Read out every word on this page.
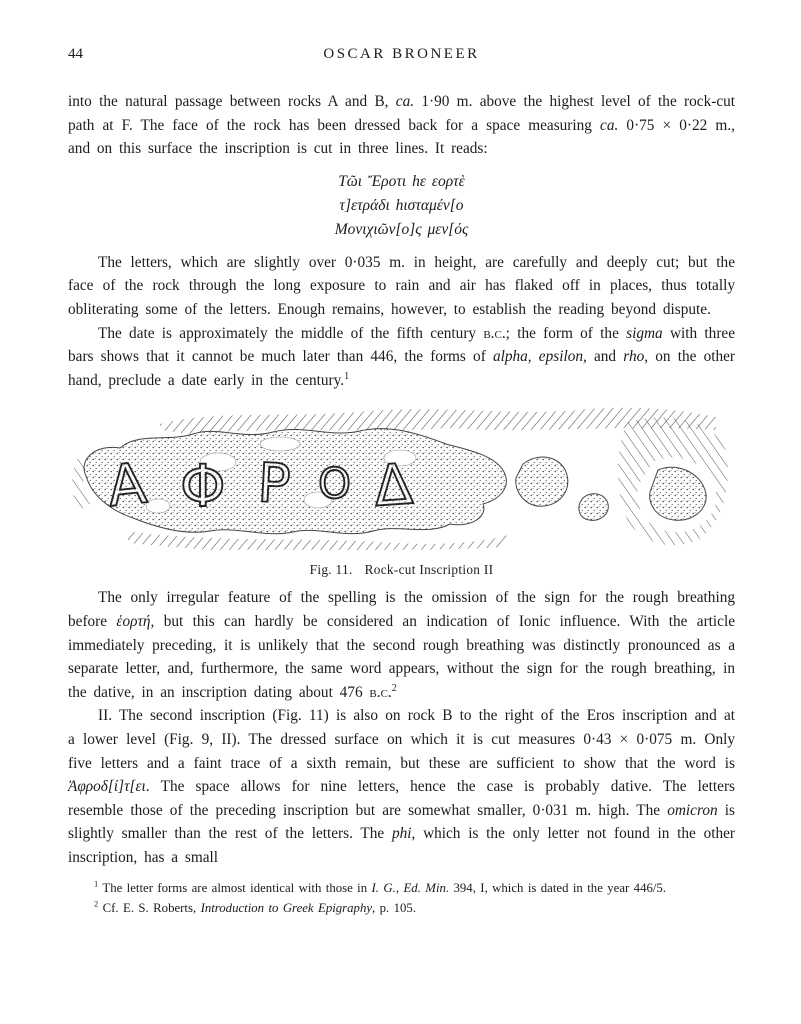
44	OSCAR BRONEER

into the natural passage between rocks A and B, ca. 1·90 m. above the highest level of the rock-cut path at F. The face of the rock has been dressed back for a space measuring ca. 0·75 × 0·22 m., and on this surface the inscription is cut in three lines. It reads:

Τῶι Ἔροτι hε εορτὲ
τ]ετράδι hισταμέν[ο
Μονιχιῶν[ο]ς μεν[ός

The letters, which are slightly over 0·035 m. in height, are carefully and deeply cut; but the face of the rock through the long exposure to rain and air has flaked off in places, thus totally obliterating some of the letters. Enough remains, however, to establish the reading beyond dispute.

The date is approximately the middle of the fifth century b.c.; the form of the sigma with three bars shows that it cannot be much later than 446, the forms of alpha, epsilon, and rho, on the other hand, preclude a date early in the century.$^1$

Α Φ Ρ Ο Δ
Fig. 11. Rock-cut Inscription II

The only irregular feature of the spelling is the omission of the sign for the rough breathing before ἑορτή, but this can hardly be considered an indication of Ionic influence. With the article immediately preceding, it is unlikely that the second rough breathing was distinctly pronounced as a separate letter, and, furthermore, the same word appears, without the sign for the rough breathing, in the dative, in an inscription dating about 476 b.c.$^2$

II. The second inscription (Fig. 11) is also on rock B to the right of the Eros inscription and at a lower level (Fig. 9, II). The dressed surface on which it is cut measures 0·43 × 0·075 m. Only five letters and a faint trace of a sixth remain, but these are sufficient to show that the word is Ἀφροδ[ί]τ[ει. The space allows for nine letters, hence the case is probably dative. The letters resemble those of the preceding inscription but are somewhat smaller, 0·031 m. high. The omicron is slightly smaller than the rest of the letters. The phi, which is the only letter not found in the other inscription, has a small

$^1$ The letter forms are almost identical with those in I. G., Ed. Min. 394, I, which is dated in the year 446/5.

$^2$ Cf. E. S. Roberts, Introduction to Greek Epigraphy, p. 105.
